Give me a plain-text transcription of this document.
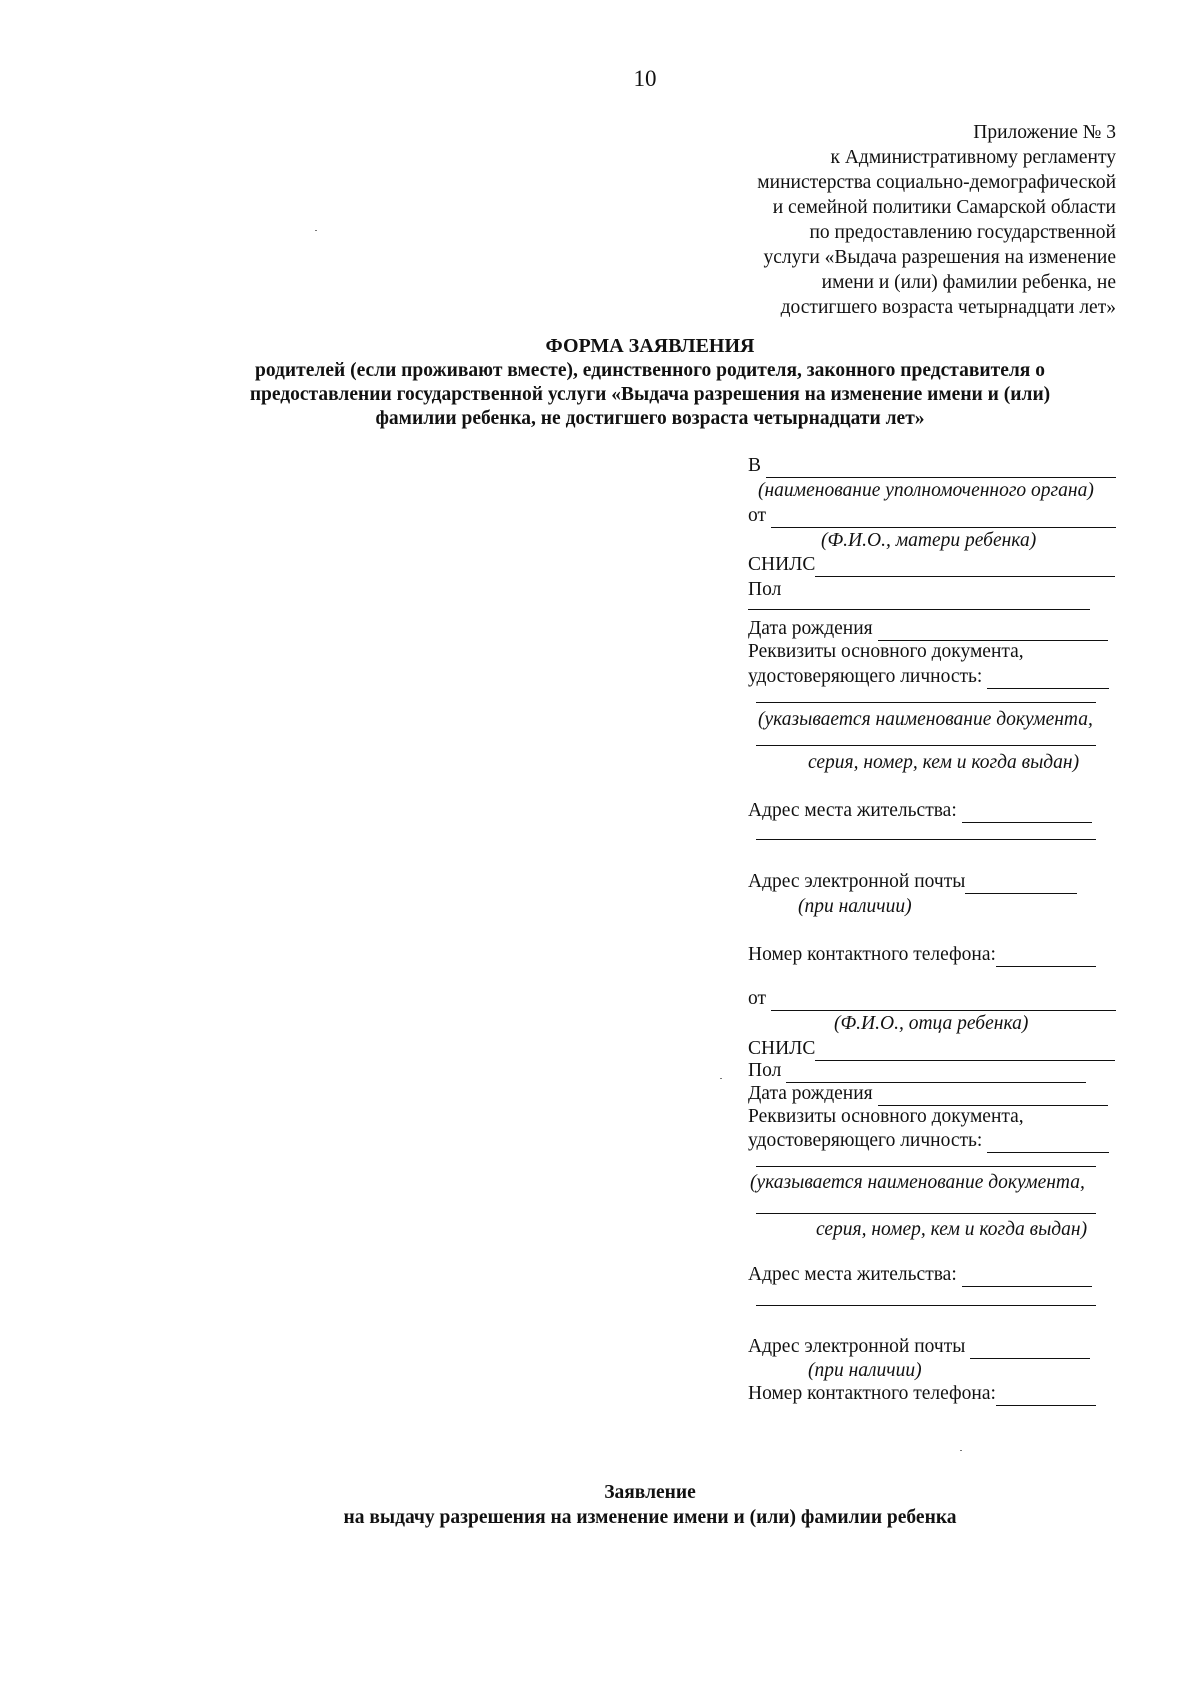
10
Приложение № 3
к Административному регламенту
министерства социально-демографической
и семейной политики Самарской области
по предоставлению государственной
услуги «Выдача разрешения на изменение
имени и (или) фамилии ребенка, не
достигшего возраста четырнадцати лет»
ФОРМА ЗАЯВЛЕНИЯ
родителей (если проживают вместе), единственного родителя, законного представителя о
предоставлении государственной услуги «Выдача разрешения на изменение имени и (или)
фамилии ребенка, не достигшего возраста четырнадцати лет»
В
(наименование уполномоченного органа)
от
(Ф.И.О., матери ребенка)
СНИЛС
Пол
Дата рождения
Реквизиты основного документа,
удостоверяющего личность:
(указывается наименование документа,
серия, номер, кем и когда выдан)
Адрес места жительства:
Адрес электронной почты
(при наличии)
Номер контактного телефона:
от
(Ф.И.О., отца ребенка)
СНИЛС
Пол
Дата рождения
Реквизиты основного документа,
удостоверяющего личность:
(указывается наименование документа,
серия, номер, кем и когда выдан)
Адрес места жительства:
Адрес электронной почты
(при наличии)
Номер контактного телефона:
Заявление
на выдачу разрешения на изменение имени и (или) фамилии ребенка
